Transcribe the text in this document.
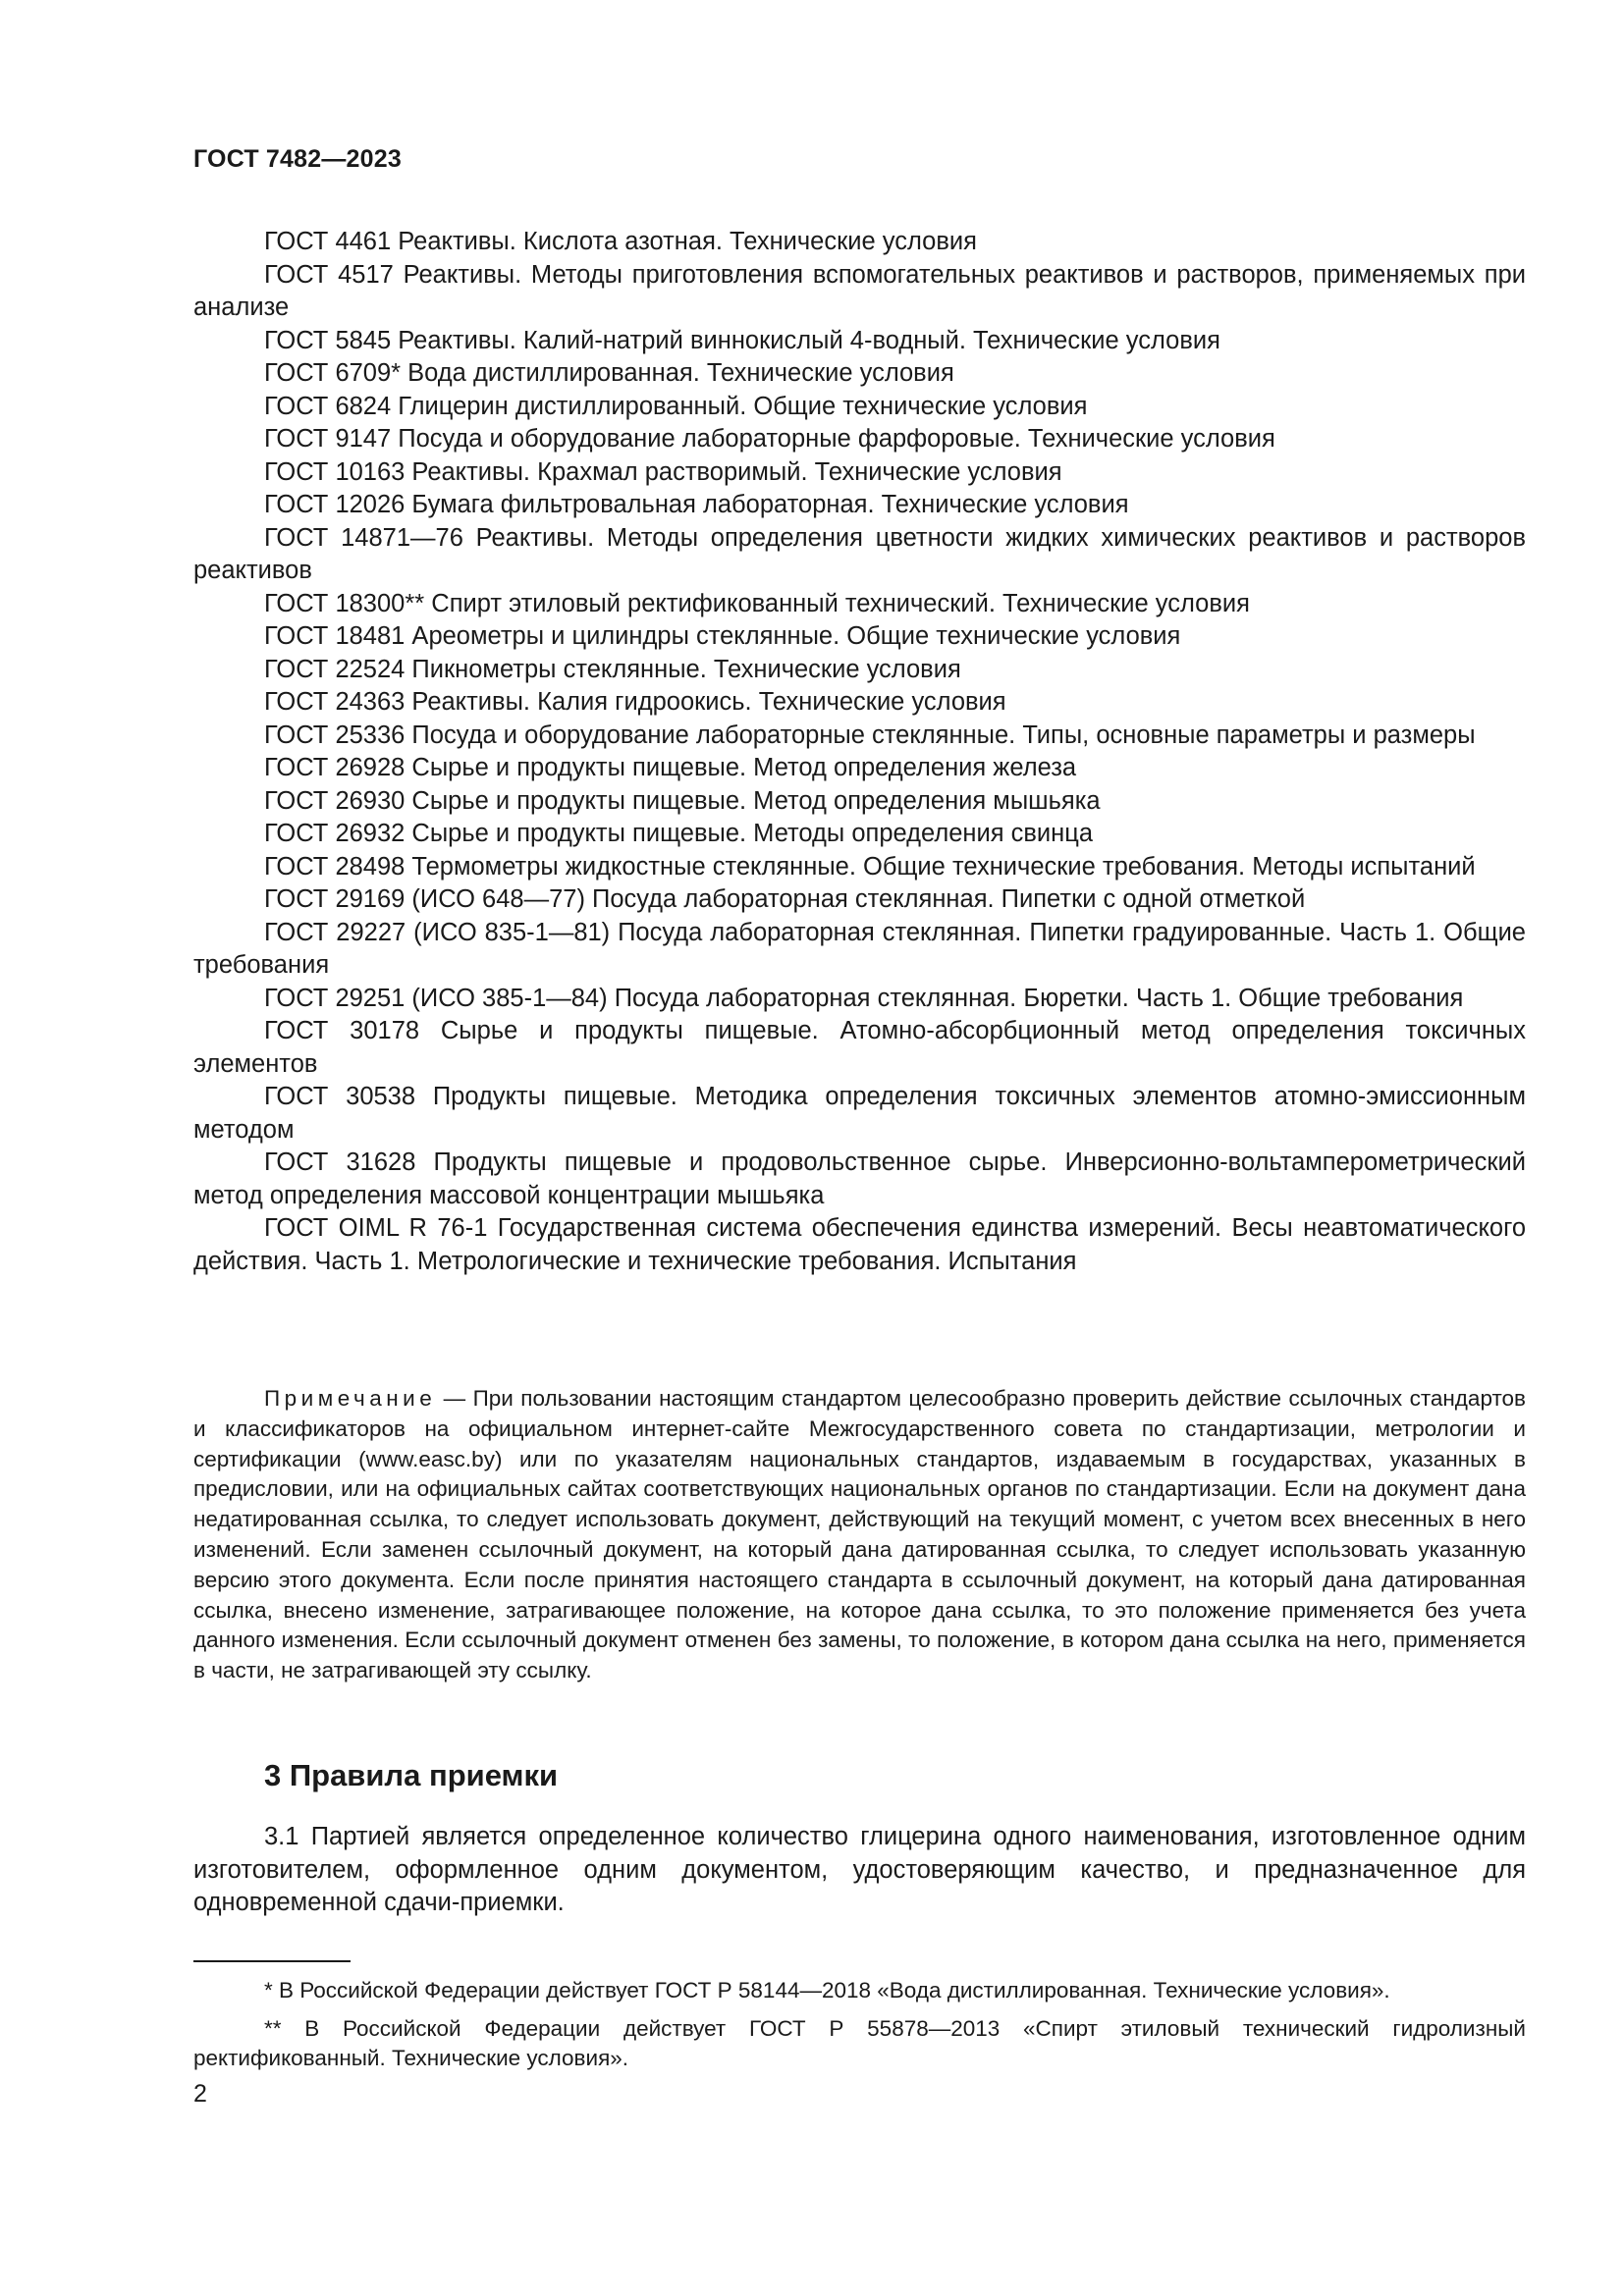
ГОСТ 7482—2023

ГОСТ 4461 Реактивы. Кислота азотная. Технические условия

ГОСТ 4517 Реактивы. Методы приготовления вспомогательных реактивов и растворов, применяемых при анализе

ГОСТ 5845 Реактивы. Калий-натрий виннокислый 4-водный. Технические условия

ГОСТ 6709* Вода дистиллированная. Технические условия

ГОСТ 6824 Глицерин дистиллированный. Общие технические условия

ГОСТ 9147 Посуда и оборудование лабораторные фарфоровые. Технические условия

ГОСТ 10163 Реактивы. Крахмал растворимый. Технические условия

ГОСТ 12026 Бумага фильтровальная лабораторная. Технические условия

ГОСТ 14871—76 Реактивы. Методы определения цветности жидких химических реактивов и растворов реактивов

ГОСТ 18300** Спирт этиловый ректификованный технический. Технические условия

ГОСТ 18481 Ареометры и цилиндры стеклянные. Общие технические условия

ГОСТ 22524 Пикнометры стеклянные. Технические условия

ГОСТ 24363 Реактивы. Калия гидроокись. Технические условия

ГОСТ 25336 Посуда и оборудование лабораторные стеклянные. Типы, основные параметры и размеры

ГОСТ 26928 Сырье и продукты пищевые. Метод определения железа

ГОСТ 26930 Сырье и продукты пищевые. Метод определения мышьяка

ГОСТ 26932 Сырье и продукты пищевые. Методы определения свинца

ГОСТ 28498 Термометры жидкостные стеклянные. Общие технические требования. Методы испытаний

ГОСТ 29169 (ИСО 648—77) Посуда лабораторная стеклянная. Пипетки с одной отметкой

ГОСТ 29227 (ИСО 835-1—81) Посуда лабораторная стеклянная. Пипетки градуированные. Часть 1. Общие требования

ГОСТ 29251 (ИСО 385-1—84) Посуда лабораторная стеклянная. Бюретки. Часть 1. Общие требования

ГОСТ 30178 Сырье и продукты пищевые. Атомно-абсорбционный метод определения токсичных элементов

ГОСТ 30538 Продукты пищевые. Методика определения токсичных элементов атомно-эмиссионным методом

ГОСТ 31628 Продукты пищевые и продовольственное сырье. Инверсионно-вольтамперометрический метод определения массовой концентрации мышьяка

ГОСТ OIML R 76-1 Государственная система обеспечения единства измерений. Весы неавтоматического действия. Часть 1. Метрологические и технические требования. Испытания

Примечание — При пользовании настоящим стандартом целесообразно проверить действие ссылочных стандартов и классификаторов на официальном интернет-сайте Межгосударственного совета по стандартизации, метрологии и сертификации (www.easc.by) или по указателям национальных стандартов, издаваемым в государствах, указанных в предисловии, или на официальных сайтах соответствующих национальных органов по стандартизации. Если на документ дана недатированная ссылка, то следует использовать документ, действующий на текущий момент, с учетом всех внесенных в него изменений. Если заменен ссылочный документ, на который дана датированная ссылка, то следует использовать указанную версию этого документа. Если после принятия настоящего стандарта в ссылочный документ, на который дана датированная ссылка, внесено изменение, затрагивающее положение, на которое дана ссылка, то это положение применяется без учета данного изменения. Если ссылочный документ отменен без замены, то положение, в котором дана ссылка на него, применяется в части, не затрагивающей эту ссылку.

3 Правила приемки

3.1 Партией является определенное количество глицерина одного наименования, изготовленное одним изготовителем, оформленное одним документом, удостоверяющим качество, и предназначенное для одновременной сдачи-приемки.

* В Российской Федерации действует ГОСТ Р 58144—2018 «Вода дистиллированная. Технические условия».

** В Российской Федерации действует ГОСТ Р 55878—2013 «Спирт этиловый технический гидролизный ректификованный. Технические условия».

2
